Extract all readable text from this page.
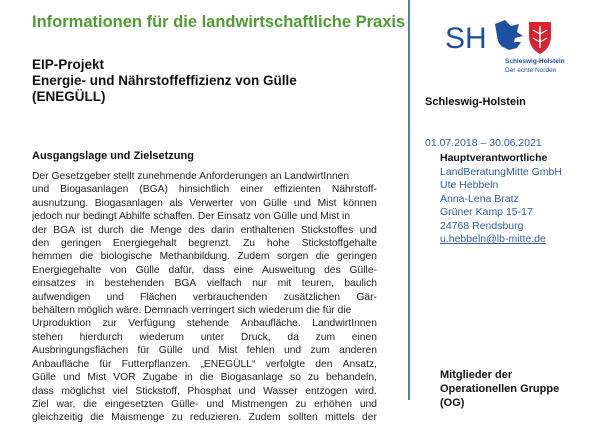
Informationen für die landwirtschaftliche Praxis
EIP-Projekt
Energie- und Nährstoffeffizienz von Gülle
(ENEGÜLL)
Ausgangslage und Zielsetzung
Der Gesetzgeber stellt zunehmende Anforderungen an LandwirtInnen
und Biogasanlagen (BGA) hinsichtlich einer effizienten Nährstoff-
ausnutzung. Biogasanlagen als Verwerter von Gülle und Mist können
jedoch nur bedingt Abhilfe schaffen. Der Einsatz von Gülle und Mist in
der BGA ist durch die Menge des darin enthaltenen Stickstoffes und
den geringen Energiegehalt begrenzt. Zu hohe Stickstoffgehalte
hemmen die biologische Methanbildung. Zudem sorgen die geringen
Energiegehalte von Gülle dafür, dass eine Ausweitung des Gülle-
einsatzes in bestehenden BGA vielfach nur mit teuren, baulich
aufwendigen und Flächen verbrauchenden zusätzlichen Gär-
behältern möglich wäre. Demnach verringert sich wiederum die für die
Urproduktion zur Verfügung stehende Anbaufläche. LandwirtInnen
stehen hierdurch wiederum unter Druck, da zum einen
Ausbringungsflächen für Gülle und Mist fehlen und zum anderen
Anbaufläche für Futterpflanzen. „ENEGÜLL“ verfolgte den Ansatz,
Gülle und Mist VOR Zugabe in die Biogasanlage so zu behandeln,
dass möglichst viel Stickstoff, Phosphat und Wasser entzogen wird.
Ziel war, die eingesetzten Gülle- und Mistmengen zu erhöhen und
gleichzeitig die Maismenge zu reduzieren. Zudem sollten mittels der
SH
Schleswig-Holstein
Der echte Norden
Schleswig-Holstein
01.07.2018 – 30.06.2021
Hauptverantwortliche
LandBeratungMitte GmbH
Ute Hebbeln
Anna-Lena Bratz
Grüner Kamp 15-17
24768 Rendsburg
u.hebbeln@lb-mitte.de
Mitglieder der
Operationellen Gruppe
(OG)
